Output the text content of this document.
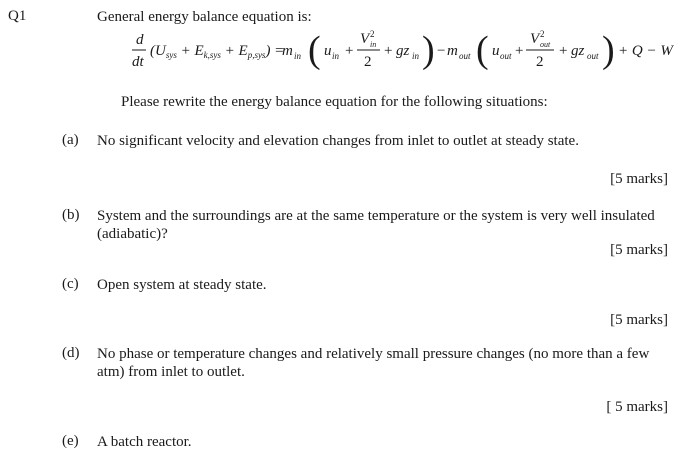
Q1	General energy balance equation is:
d
dt
$(U_{sys} + E_{k,sys} + E_{p,sys})$ =
m in ( u in +
V 2
in
2
+ gz in ) − m out ( u out +
V 2
out
2
+ gz out ) + Q − W
Please rewrite the energy balance equation for the following situations:
(a) No significant velocity and elevation changes from inlet to outlet at steady state.
[5 marks]
(b) System and the surroundings are at the same temperature or the system is very well insulated (adiabatic)?
[5 marks]
(c) Open system at steady state.
[5 marks]
(d) No phase or temperature changes and relatively small pressure changes (no more than a few atm) from inlet to outlet.
[ 5 marks]
(e) A batch reactor.
